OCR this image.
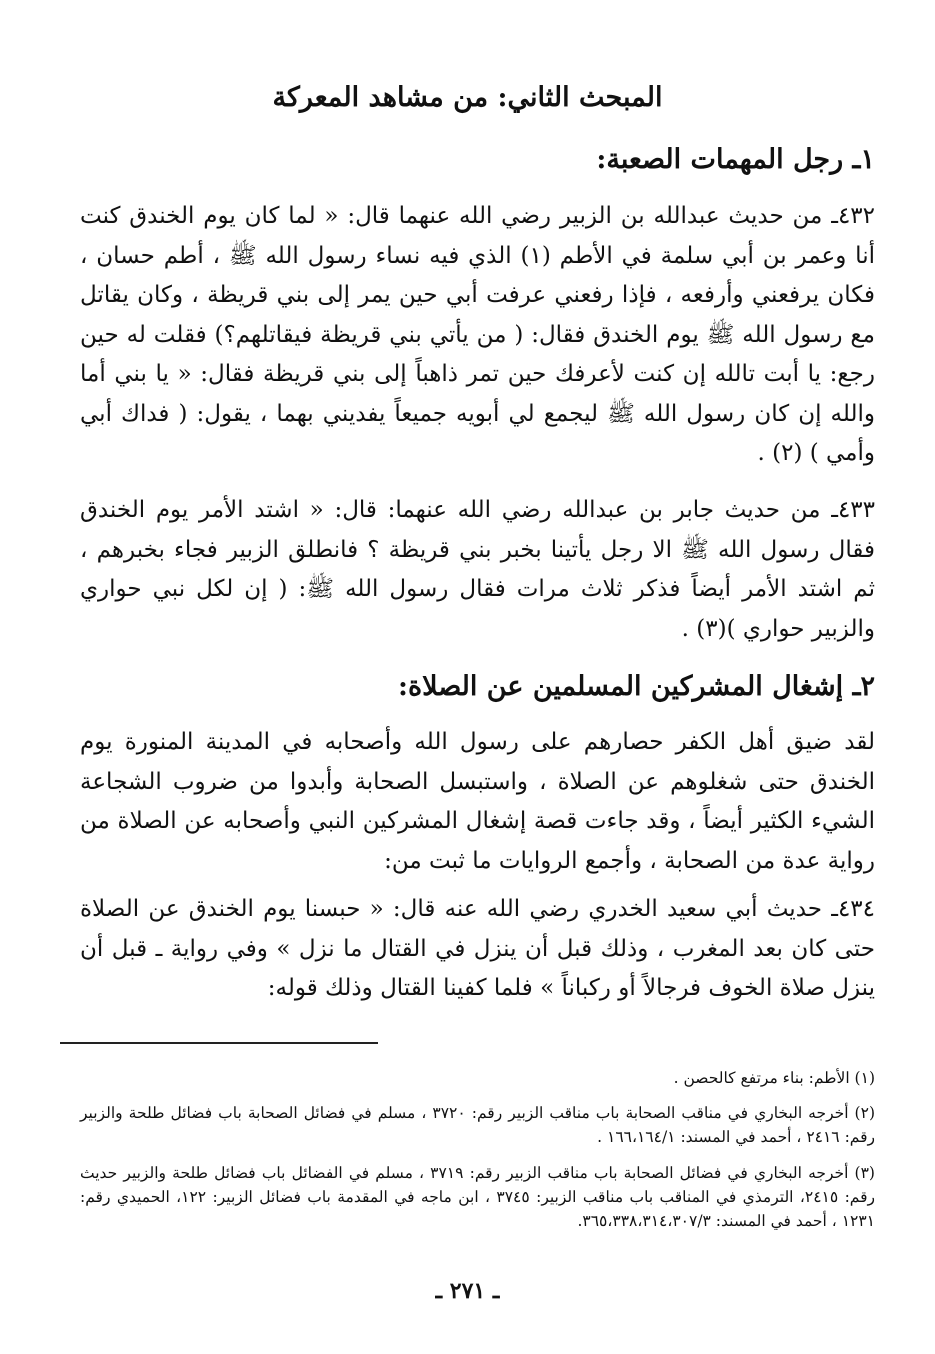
المبحث الثاني: من مشاهد المعركة
١ـ رجل المهمات الصعبة:

٤٣٢ـ من حديث عبدالله بن الزبير رضي الله عنهما قال: « لما كان يوم الخندق كنت أنا وعمر بن أبي سلمة في الأطم (١) الذي فيه نساء رسول الله ﷺ ، أطم حسان ، فكان يرفعني وأرفعه ، فإذا رفعني عرفت أبي حين يمر إلى بني قريظة ، وكان يقاتل مع رسول الله ﷺ يوم الخندق فقال: ( من يأتي بني قريظة فيقاتلهم؟) فقلت له حين رجع: يا أبت تالله إن كنت لأعرفك حين تمر ذاهباً إلى بني قريظة فقال: « يا بني أما والله إن كان رسول الله ﷺ ليجمع لي أبويه جميعاً يفديني بهما ، يقول: ( فداك أبي وأمي ) (٢) .

٤٣٣ـ من حديث جابر بن عبدالله رضي الله عنهما: قال: « اشتد الأمر يوم الخندق فقال رسول الله ﷺ الا رجل يأتينا بخبر بني قريظة ؟ فانطلق الزبير فجاء بخبرهم ، ثم اشتد الأمر أيضاً فذكر ثلاث مرات فقال رسول الله ﷺ: ( إن لكل نبي حواري والزبير حواري )(٣) .

٢ـ إشغال المشركين المسلمين عن الصلاة:

لقد ضيق أهل الكفر حصارهم على رسول الله وأصحابه في المدينة المنورة يوم الخندق حتى شغلوهم عن الصلاة ، واستبسل الصحابة وأبدوا من ضروب الشجاعة الشيء الكثير أيضاً ، وقد جاءت قصة إشغال المشركين النبي وأصحابه عن الصلاة من رواية عدة من الصحابة ، وأجمع الروايات ما ثبت من:

٤٣٤ـ حديث أبي سعيد الخدري رضي الله عنه قال: « حبسنا يوم الخندق عن الصلاة حتى كان بعد المغرب ، وذلك قبل أن ينزل في القتال ما نزل » وفي رواية ـ قبل أن ينزل صلاة الخوف فرجالاً أو ركباناً » فلما كفينا القتال وذلك قوله:

(١) الأطم: بناء مرتفع كالحصن .

(٢) أخرجه البخاري في مناقب الصحابة باب مناقب الزبير رقم: ٣٧٢٠ ، مسلم في فضائل الصحابة باب فضائل طلحة والزبير رقم: ٢٤١٦ ، أحمد في المسند: ١٦٦،١٦٤/١ .

(٣) أخرجه البخاري في فضائل الصحابة باب مناقب الزبير رقم: ٣٧١٩ ، مسلم في الفضائل باب فضائل طلحة والزبير حديث رقم: ٢٤١٥، الترمذي في المناقب باب مناقب الزبير: ٣٧٤٥ ، ابن ماجه في المقدمة باب فضائل الزبير: ١٢٢، الحميدي رقم: ١٢٣١ ، أحمد في المسند: ٣٦٥،٣٣٨،٣١٤،٣٠٧/٣.

ـ ٢٧١ ـ
